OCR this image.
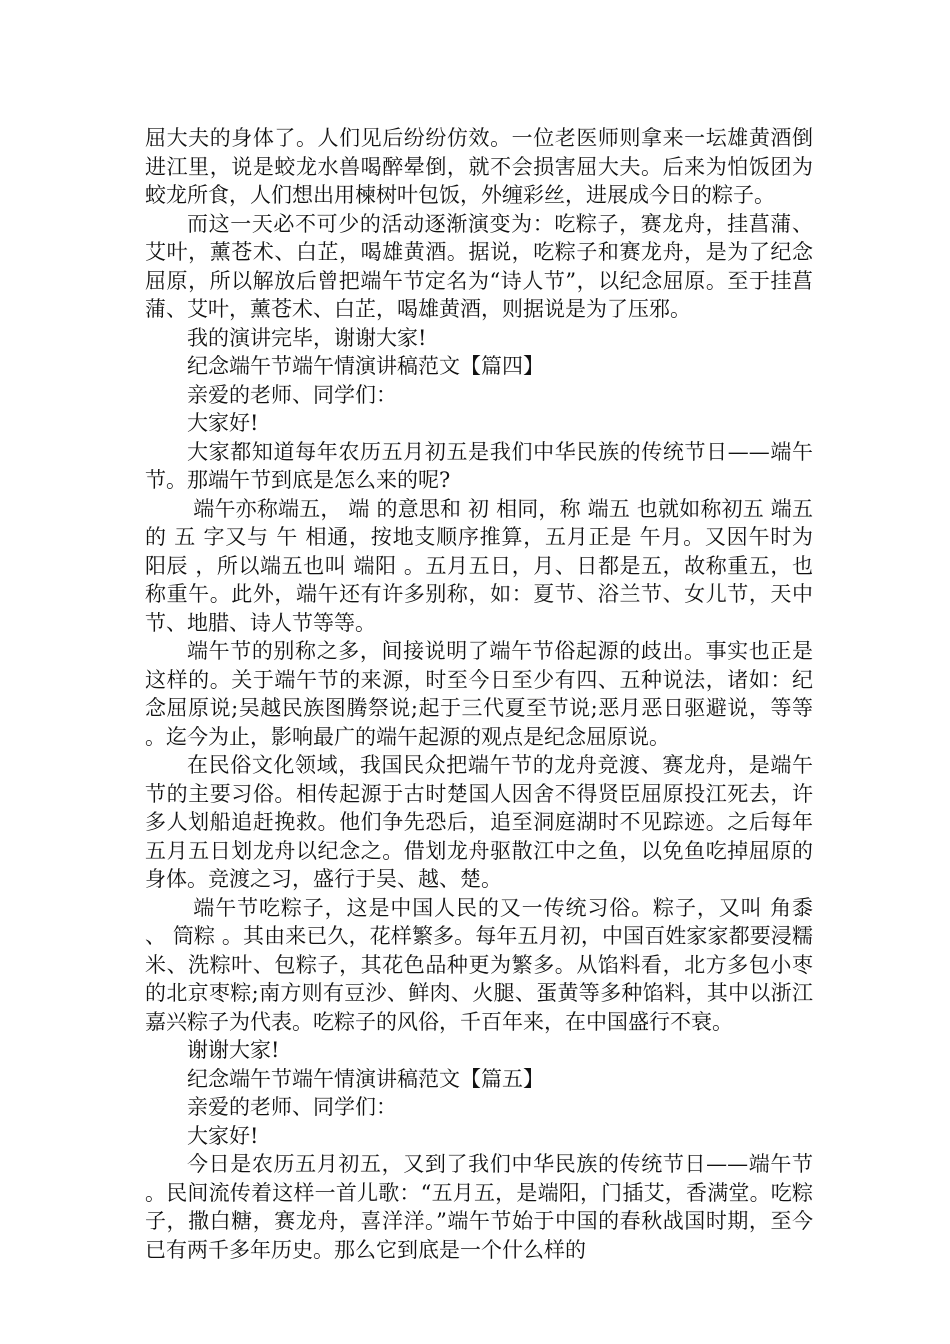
屈大夫的身体了。人们见后纷纷仿效。一位老医师则拿来一坛雄黄酒倒进江里，说是蛟龙水兽喝醉晕倒，就不会损害屈大夫。后来为怕饭团为蛟龙所食，人们想出用楝树叶包饭，外缠彩丝，进展成今日的粽子。

而这一天必不可少的活动逐渐演变为：吃粽子，赛龙舟，挂菖蒲、艾叶，薰苍术、白芷，喝雄黄酒。据说，吃粽子和赛龙舟，是为了纪念屈原，所以解放后曾把端午节定名为“诗人节”，以纪念屈原。至于挂菖蒲、艾叶，薰苍术、白芷，喝雄黄酒，则据说是为了压邪。

我的演讲完毕，谢谢大家!

纪念端午节端午情演讲稿范文【篇四】

亲爱的老师、同学们：

大家好!

大家都知道每年农历五月初五是我们中华民族的传统节日——端午节。那端午节到底是怎么来的呢?

端午亦称端五， 端 的意思和 初 相同，称 端五 也就如称初五 端五的 五 字又与 午 相通，按地支顺序推算，五月正是 午月。又因午时为 阳辰 ，所以端五也叫 端阳 。五月五日，月、日都是五，故称重五，也称重午。此外，端午还有许多别称，如：夏节、浴兰节、女儿节，天中节、地腊、诗人节等等。

端午节的别称之多，间接说明了端午节俗起源的歧出。事实也正是这样的。关于端午节的来源，时至今日至少有四、五种说法，诸如：纪念屈原说;吴越民族图腾祭说;起于三代夏至节说;恶月恶日驱避说，等等。迄今为止，影响最广的端午起源的观点是纪念屈原说。

在民俗文化领域，我国民众把端午节的龙舟竞渡、赛龙舟，是端午节的主要习俗。相传起源于古时楚国人因舍不得贤臣屈原投江死去，许多人划船追赶挽救。他们争先恐后，追至洞庭湖时不见踪迹。之后每年五月五日划龙舟以纪念之。借划龙舟驱散江中之鱼，以免鱼吃掉屈原的身体。竞渡之习，盛行于吴、越、楚。

端午节吃粽子，这是中国人民的又一传统习俗。粽子，又叫 角黍 、 筒粽 。其由来已久，花样繁多。每年五月初，中国百姓家家都要浸糯米、洗粽叶、包粽子，其花色品种更为繁多。从馅料看，北方多包小枣的北京枣粽;南方则有豆沙、鲜肉、火腿、蛋黄等多种馅料，其中以浙江嘉兴粽子为代表。吃粽子的风俗，千百年来，在中国盛行不衰。

谢谢大家!

纪念端午节端午情演讲稿范文【篇五】

亲爱的老师、同学们：

大家好!

今日是农历五月初五，又到了我们中华民族的传统节日——端午节。民间流传着这样一首儿歌：“五月五，是端阳，门插艾，香满堂。吃粽子，撒白糖，赛龙舟，喜洋洋。”端午节始于中国的春秋战国时期，至今已有两千多年历史。那么它到底是一个什么样的
